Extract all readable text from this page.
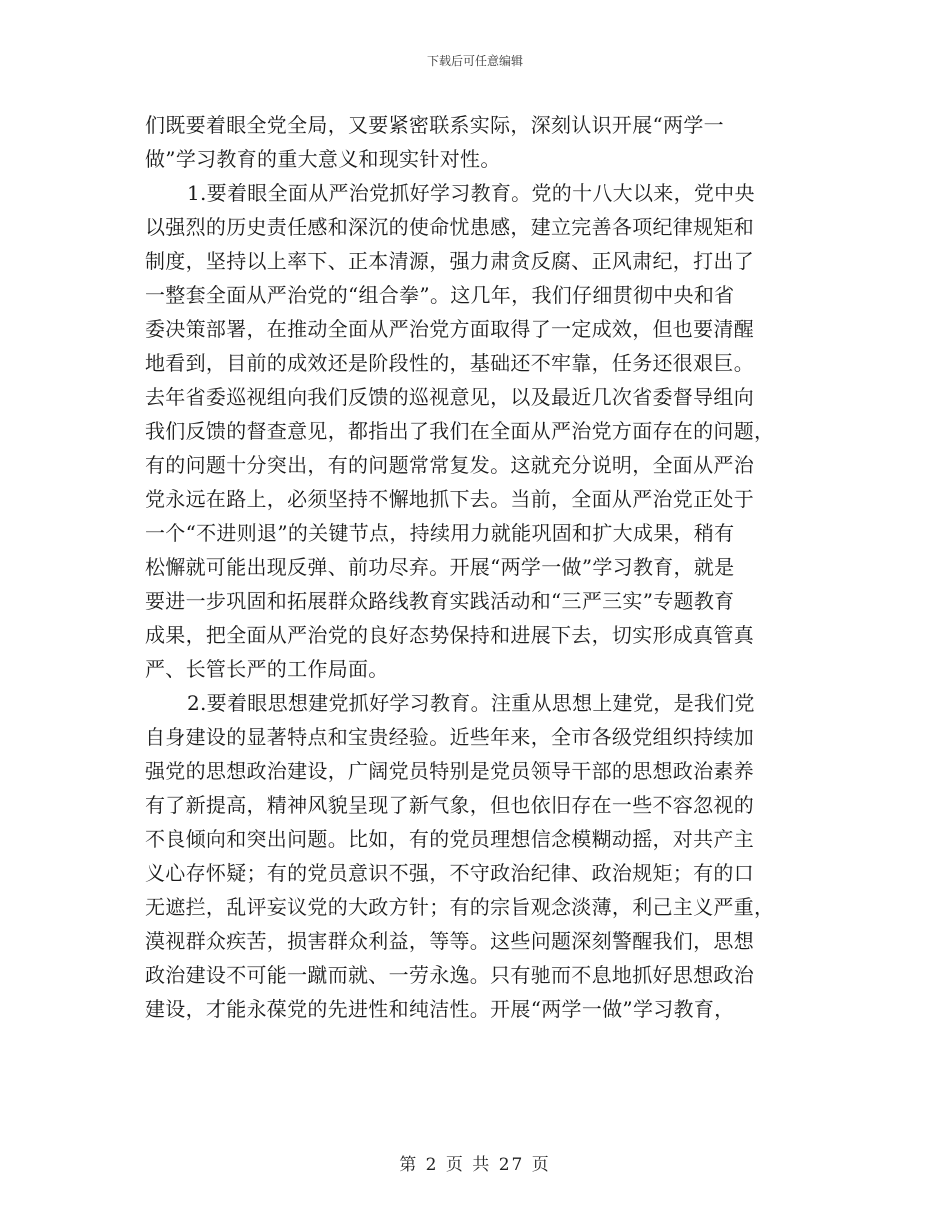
下载后可任意编辑
们既要着眼全党全局，又要紧密联系实际，深刻认识开展“两学一
做”学习教育的重大意义和现实针对性。
1.要着眼全面从严治党抓好学习教育。党的十八大以来，党中央
以强烈的历史责任感和深沉的使命忧患感，建立完善各项纪律规矩和
制度，坚持以上率下、正本清源，强力肃贪反腐、正风肃纪，打出了
一整套全面从严治党的“组合拳”。这几年，我们仔细贯彻中央和省
委决策部署，在推动全面从严治党方面取得了一定成效，但也要清醒
地看到，目前的成效还是阶段性的，基础还不牢靠，任务还很艰巨。
去年省委巡视组向我们反馈的巡视意见，以及最近几次省委督导组向
我们反馈的督查意见，都指出了我们在全面从严治党方面存在的问题，
有的问题十分突出，有的问题常常复发。这就充分说明，全面从严治
党永远在路上，必须坚持不懈地抓下去。当前，全面从严治党正处于
一个“不进则退”的关键节点，持续用力就能巩固和扩大成果，稍有
松懈就可能出现反弹、前功尽弃。开展“两学一做”学习教育，就是
要进一步巩固和拓展群众路线教育实践活动和“三严三实”专题教育
成果，把全面从严治党的良好态势保持和进展下去，切实形成真管真
严、长管长严的工作局面。
2.要着眼思想建党抓好学习教育。注重从思想上建党，是我们党
自身建设的显著特点和宝贵经验。近些年来，全市各级党组织持续加
强党的思想政治建设，广阔党员特别是党员领导干部的思想政治素养
有了新提高，精神风貌呈现了新气象，但也依旧存在一些不容忽视的
不良倾向和突出问题。比如，有的党员理想信念模糊动摇，对共产主
义心存怀疑；有的党员意识不强，不守政治纪律、政治规矩；有的口
无遮拦，乱评妄议党的大政方针；有的宗旨观念淡薄，利己主义严重，
漠视群众疾苦，损害群众利益，等等。这些问题深刻警醒我们，思想
政治建设不可能一蹴而就、一劳永逸。只有驰而不息地抓好思想政治
建设，才能永葆党的先进性和纯洁性。开展“两学一做”学习教育，
第 2 页 共 27 页
